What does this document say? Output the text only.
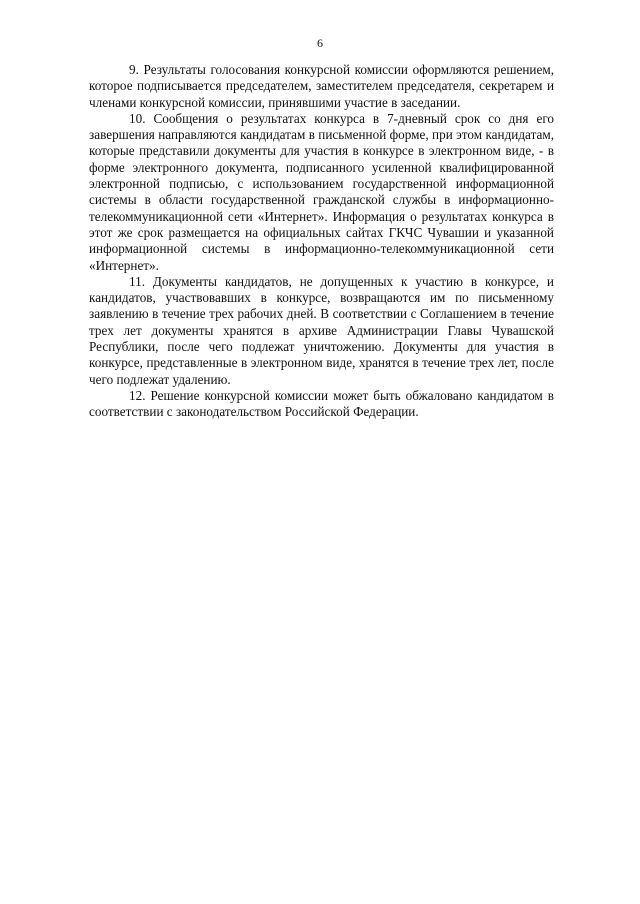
6

9. Результаты голосования конкурсной комиссии оформляются решением, которое подписывается председателем, заместителем председателя, секретарем и членами конкурсной комиссии, принявшими участие в заседании.

10. Сообщения о результатах конкурса в 7-дневный срок со дня его завершения направляются кандидатам в письменной форме, при этом кандидатам, которые представили документы для участия в конкурсе в электронном виде, - в форме электронного документа, подписанного усиленной квалифицированной электронной подписью, с использованием государственной информационной системы в области государственной гражданской службы в информационно-телекоммуникационной сети «Интернет». Информация о результатах конкурса в этот же срок размещается на официальных сайтах ГКЧС Чувашии и указанной информационной системы в информационно-телекоммуникационной сети «Интернет».

11. Документы кандидатов, не допущенных к участию в конкурсе, и кандидатов, участвовавших в конкурсе, возвращаются им по письменному заявлению в течение трех рабочих дней. В соответствии с Соглашением в течение трех лет документы хранятся в архиве Администрации Главы Чувашской Республики, после чего подлежат уничтожению. Документы для участия в конкурсе, представленные в электронном виде, хранятся в течение трех лет, после чего подлежат удалению.

12. Решение конкурсной комиссии может быть обжаловано кандидатом в соответствии с законодательством Российской Федерации.
